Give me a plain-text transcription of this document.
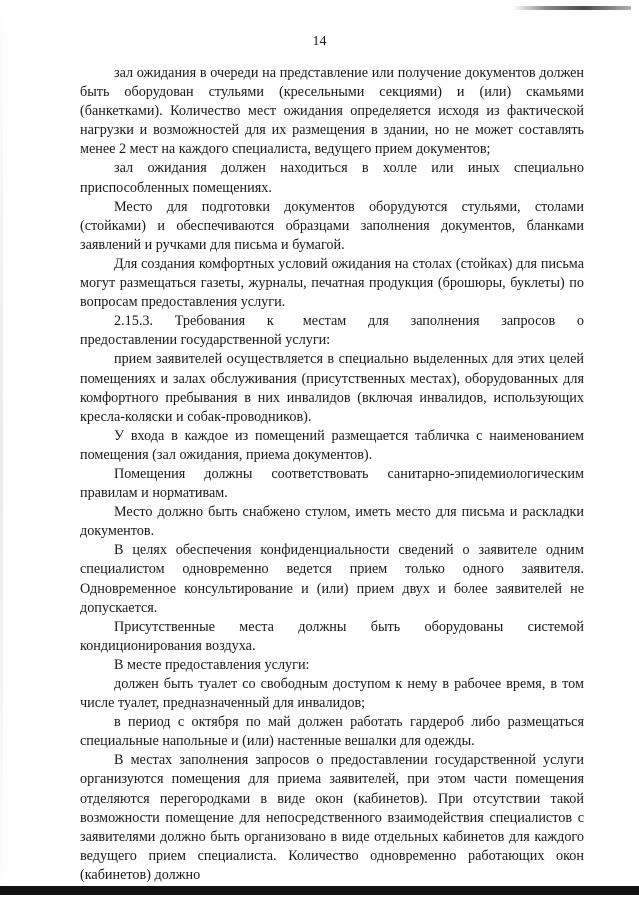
14

зал ожидания в очереди на представление или получение документов должен быть оборудован стульями (кресельными секциями) и (или) скамьями (банкетками). Количество мест ожидания определяется исходя из фактической нагрузки и возможностей для их размещения в здании, но не может составлять менее 2 мест на каждого специалиста, ведущего прием документов;

зал ожидания должен находиться в холле или иных специально приспособленных помещениях.

Место для подготовки документов оборудуются стульями, столами (стойками) и обеспечиваются образцами заполнения документов, бланками заявлений и ручками для письма и бумагой.

Для создания комфортных условий ожидания на столах (стойках) для письма могут размещаться газеты, журналы, печатная продукция (брошюры, буклеты) по вопросам предоставления услуги.

2.15.3.   Требования   к    местам   для   заполнения   запросов   о предоставлении государственной услуги:

прием заявителей осуществляется в специально выделенных для этих целей помещениях и залах обслуживания (присутственных местах), оборудованных для комфортного пребывания в них инвалидов (включая инвалидов, использующих кресла-коляски и собак-проводников).

У входа в каждое из помещений размещается табличка с наименованием помещения (зал ожидания, приема документов).

Помещения должны соответствовать санитарно-эпидемиологическим правилам и нормативам.

Место должно быть снабжено стулом, иметь место для письма и раскладки документов.

В целях обеспечения конфиденциальности сведений о заявителе одним специалистом одновременно ведется прием только одного заявителя. Одновременное консультирование и (или) прием двух и более заявителей не допускается.

Присутственные места должны быть оборудованы системой кондиционирования воздуха.

В месте предоставления услуги:

должен быть туалет со свободным доступом к нему в рабочее время, в том числе туалет, предназначенный для инвалидов;

в период с октября по май должен работать гардероб либо размещаться специальные напольные и (или) настенные вешалки для одежды.

В местах заполнения запросов о предоставлении государственной услуги организуются помещения для приема заявителей, при этом части помещения отделяются перегородками в виде окон (кабинетов). При отсутствии такой возможности помещение для непосредственного взаимодействия специалистов с заявителями должно быть организовано в виде отдельных кабинетов для каждого ведущего прием специалиста. Количество одновременно работающих окон (кабинетов) должно
